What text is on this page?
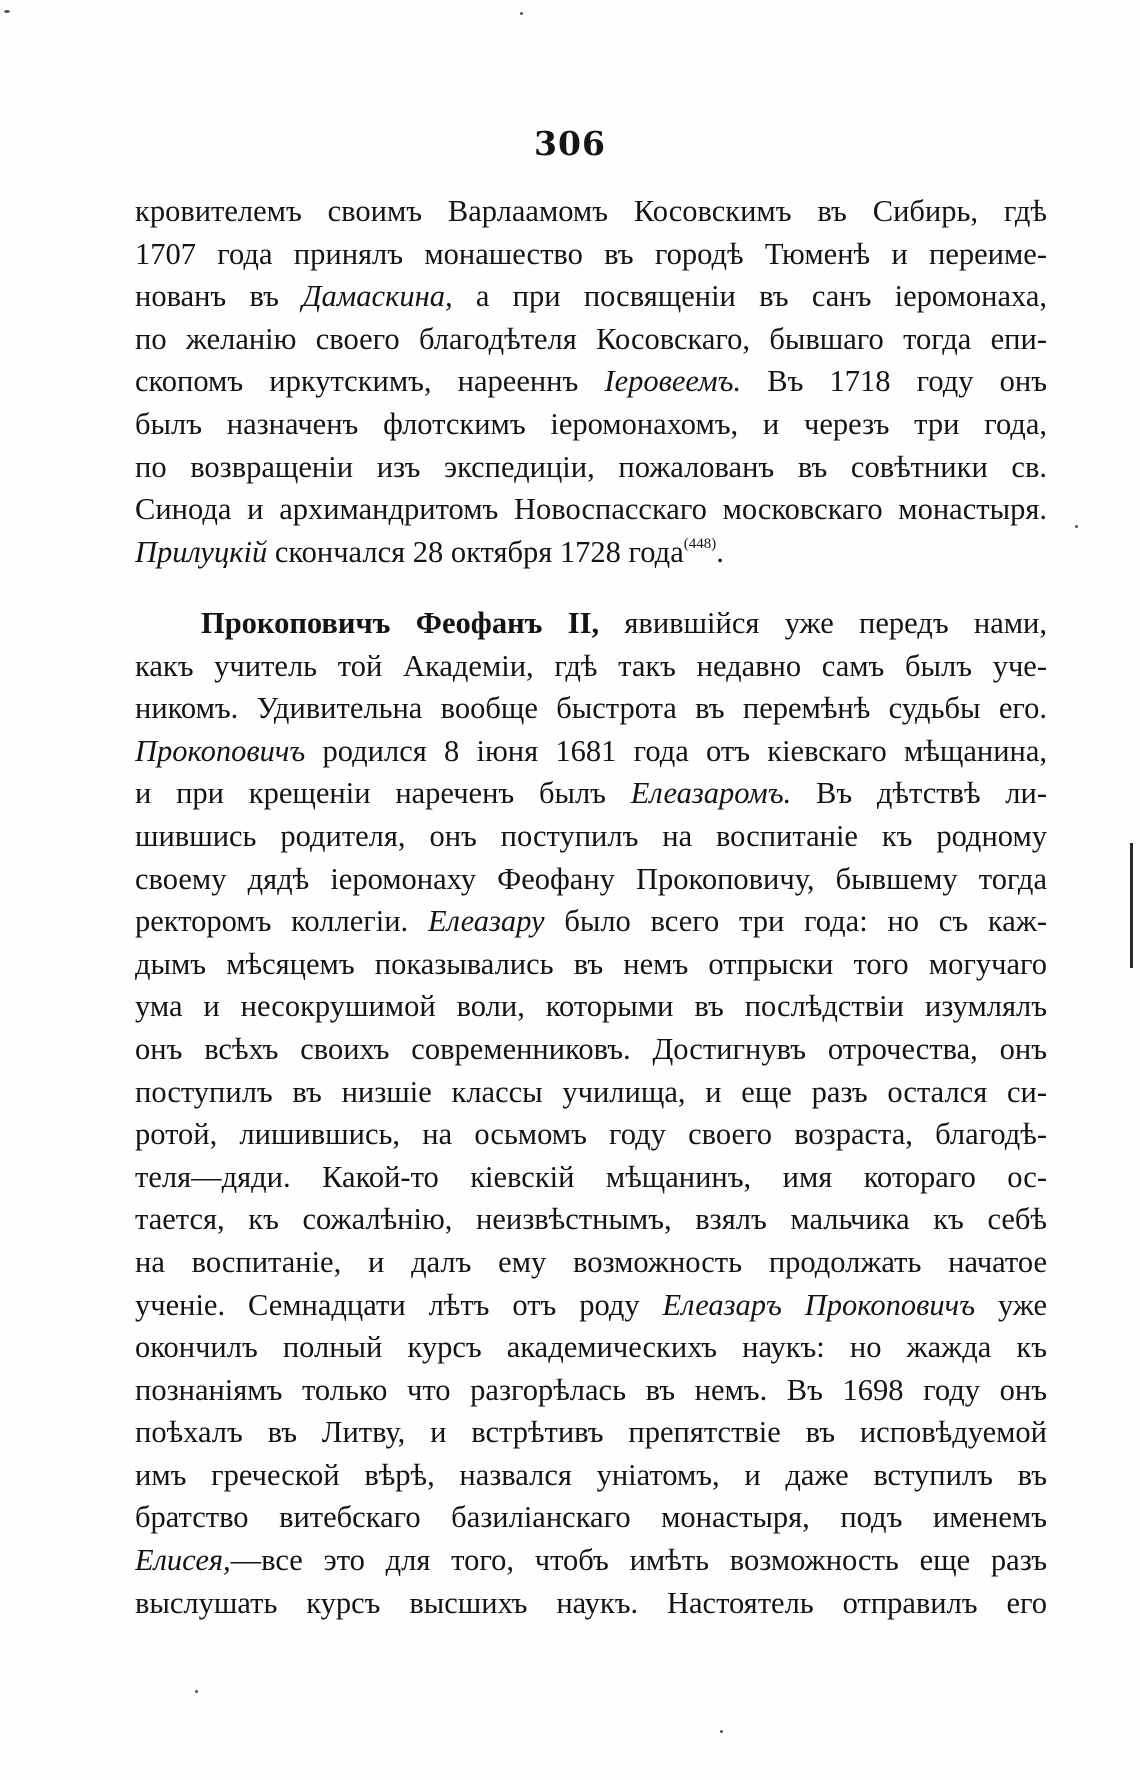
306
кровителемъ своимъ Варлаамомъ Косовскимъ въ Сибирь, гдѣ
1707 года принялъ монашество въ городѣ Тюменѣ и переиме-
нованъ въ Дамаскина, а при посвященіи въ санъ іеромонаха,
по желанію своего благодѣтеля Косовскаго, бывшаго тогда епи-
скопомъ иркутскимъ, нарееннъ Іеровеемъ. Въ 1718 году онъ
былъ назначенъ флотскимъ іеромонахомъ, и черезъ три года,
по возвращеніи изъ экспедиціи, пожалованъ въ совѣтники св.
Синода и архимандритомъ Новоспасскаго московскаго монастыря.
Прилуцкій скончался 28 октября 1728 года$^{(448)}$.
Прокоповичъ Феофанъ II, явившійся уже передъ нами,
какъ учитель той Академіи, гдѣ такъ недавно самъ былъ уче-
никомъ. Удивительна вообще быстрота въ перемѣнѣ судьбы его.
Прокоповичъ родился 8 іюня 1681 года отъ кіевскаго мѣщанина,
и при крещеніи нареченъ былъ Елеазаромъ. Въ дѣтствѣ ли-
шившись родителя, онъ поступилъ на воспитаніе къ родному
своему дядѣ іеромонаху Феофану Прокоповичу, бывшему тогда
ректоромъ коллегіи. Елеазару было всего три года: но съ каж-
дымъ мѣсяцемъ показывались въ немъ отпрыски того могучаго
ума и несокрушимой воли, которыми въ послѣдствіи изумлялъ
онъ всѣхъ своихъ современниковъ. Достигнувъ отрочества, онъ
поступилъ въ низшіе классы училища, и еще разъ остался си-
ротой, лишившись, на осьмомъ году своего возраста, благодѣ-
теля—дяди. Какой-то кіевскій мѣщанинъ, имя котораго ос-
тается, къ сожалѣнію, неизвѣстнымъ, взялъ мальчика къ себѣ
на воспитаніе, и далъ ему возможность продолжать начатое
ученіе. Семнадцати лѣтъ отъ роду Елеазаръ Прокоповичъ уже
окончилъ полный курсъ академическихъ наукъ: но жажда къ
познаніямъ только что разгорѣлась въ немъ. Въ 1698 году онъ
поѣхалъ въ Литву, и встрѣтивъ препятствіе въ исповѣдуемой
имъ греческой вѣрѣ, назвался уніатомъ, и даже вступилъ въ
братство витебскаго базиліанскаго монастыря, подъ именемъ
Елисея,—все это для того, чтобъ имѣть возможность еще разъ
выслушать курсъ высшихъ наукъ. Настоятель отправилъ его
